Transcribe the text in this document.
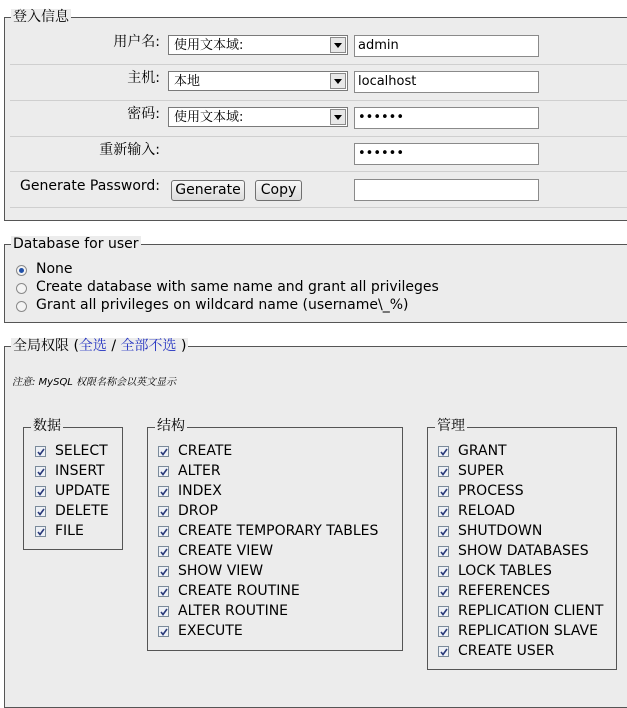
登入信息
用户名: 使用文本域:	admin
主机: 本地	localhost
密码: 使用文本域:	••••••
重新输入:	••••••
Generate Password:	Generate	Copy
Database for user
None
Create database with same name and grant all privileges
Grant all privileges on wildcard name (username\_%)
全局权限 (全选 / 全部不选 )
注意: MySQL 权限名称会以英文显示
数据
SELECT
INSERT
UPDATE
DELETE
FILE
结构
CREATE
ALTER
INDEX
DROP
CREATE TEMPORARY TABLES
CREATE VIEW
SHOW VIEW
CREATE ROUTINE
ALTER ROUTINE
EXECUTE
管理
GRANT
SUPER
PROCESS
RELOAD
SHUTDOWN
SHOW DATABASES
LOCK TABLES
REFERENCES
REPLICATION CLIENT
REPLICATION SLAVE
CREATE USER
